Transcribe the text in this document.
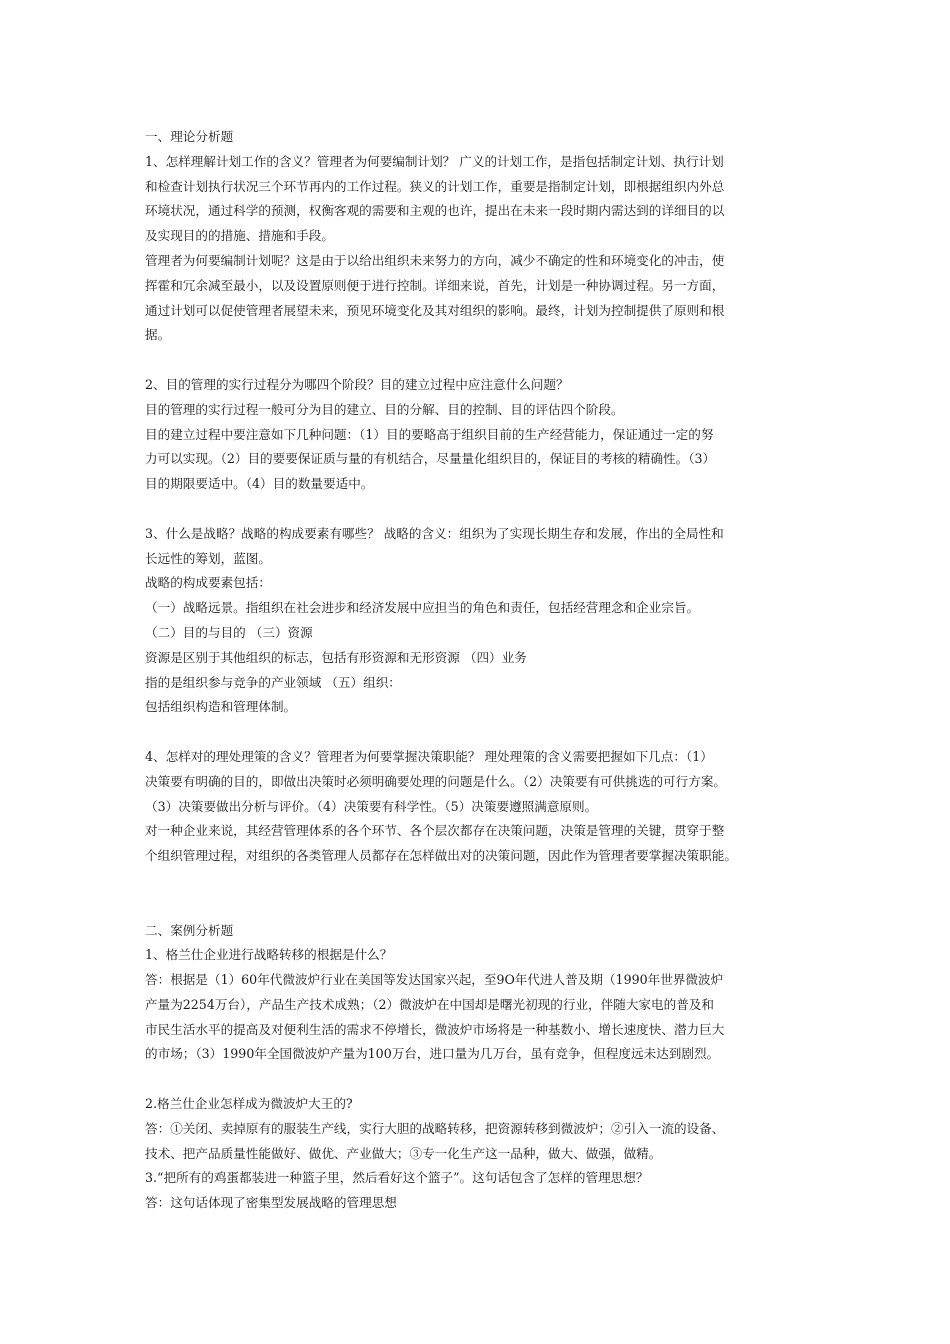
一、理论分析题
1、怎样理解计划工作的含义？管理者为何要编制计划？ 广义的计划工作，是指包括制定计划、执行计划
和检查计划执行状况三个环节再内的工作过程。狭义的计划工作，重要是指制定计划，即根据组织内外总
环境状况，通过科学的预测，权衡客观的需要和主观的也许，提出在未来一段时期内需达到的详细目的以
及实现目的的措施、措施和手段。
管理者为何要编制计划呢？这是由于以给出组织未来努力的方向，减少不确定的性和环境变化的冲击，使
挥霍和冗余减至最小，以及设置原则便于进行控制。详细来说，首先，计划是一种协调过程。另一方面，
通过计划可以促使管理者展望未来，预见环境变化及其对组织的影响。最终，计划为控制提供了原则和根
据。
2、目的管理的实行过程分为哪四个阶段？目的建立过程中应注意什么问题？
目的管理的实行过程一般可分为目的建立、目的分解、目的控制、目的评估四个阶段。
目的建立过程中要注意如下几种问题：（1）目的要略高于组织目前的生产经营能力，保证通过一定的努
力可以实现。（2）目的要要保证质与量的有机结合，尽量量化组织目的，保证目的考核的精确性。（3）
目的期限要适中。（4）目的数量要适中。
3、什么是战略？战略的构成要素有哪些？ 战略的含义：组织为了实现长期生存和发展，作出的全局性和
长远性的筹划，蓝图。
战略的构成要素包括：
（一）战略远景。指组织在社会进步和经济发展中应担当的角色和责任，包括经营理念和企业宗旨。
（二）目的与目的 （三）资源
资源是区别于其他组织的标志，包括有形资源和无形资源 （四）业务
指的是组织参与竞争的产业领域 （五）组织：
包括组织构造和管理体制。
4、怎样对的理处理策的含义？管理者为何要掌握决策职能？ 理处理策的含义需要把握如下几点：（1）
决策要有明确的目的，即做出决策时必须明确要处理的问题是什么。（2）决策要有可供挑选的可行方案。
（3）决策要做出分析与评价。（4）决策要有科学性。（5）决策要遵照满意原则。
对一种企业来说，其经营管理体系的各个环节、各个层次都存在决策问题，决策是管理的关键，贯穿于整
个组织管理过程，对组织的各类管理人员都存在怎样做出对的决策问题，因此作为管理者要掌握决策职能。
二、案例分析题
1、格兰仕企业进行战略转移的根据是什么？
答：根据是（1）60年代微波炉行业在美国等发达国家兴起，至9O年代进人普及期（1990年世界微波炉
产量为2254万台），产品生产技术成熟；（2）微波炉在中国却是曙光初现的行业，伴随大家电的普及和
市民生活水平的提高及对便利生活的需求不停增长，微波炉市场将是一种基数小、增长速度快、潜力巨大
的市场；（3）1990年全国微波炉产量为100万台，进口量为几万台，虽有竞争，但程度远未达到剧烈。
2.格兰仕企业怎样成为微波炉大王的?
答：①关闭、卖掉原有的服装生产线，实行大胆的战略转移，把资源转移到微波炉；②引入一流的设备、
技术、把产品质量性能做好、做优、产业做大；③专一化生产这一品种，做大、做强，做精。
3.“把所有的鸡蛋都装进一种篮子里，然后看好这个篮子”。这句话包含了怎样的管理思想？
答：这句话体现了密集型发展战略的管理思想
